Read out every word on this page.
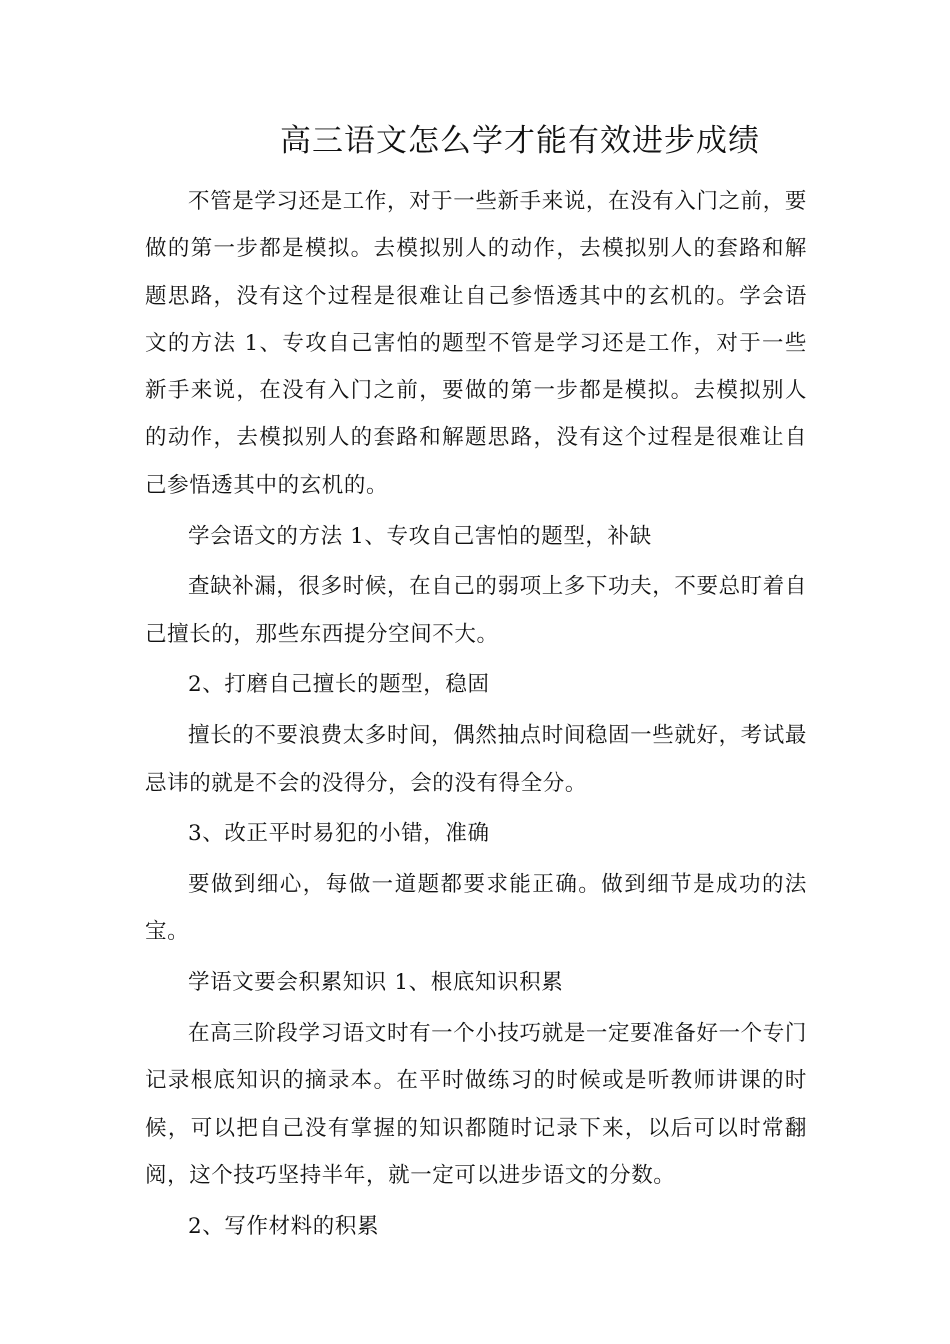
高三语文怎么学才能有效进步成绩

不管是学习还是工作，对于一些新手来说，在没有入门之前，要做的第一步都是模拟。去模拟别人的动作，去模拟别人的套路和解题思路，没有这个过程是很难让自己参悟透其中的玄机的。学会语文的方法 1、专攻自己害怕的题型不管是学习还是工作，对于一些新手来说，在没有入门之前，要做的第一步都是模拟。去模拟别人的动作，去模拟别人的套路和解题思路，没有这个过程是很难让自己参悟透其中的玄机的。

学会语文的方法 1、专攻自己害怕的题型，补缺

查缺补漏，很多时候，在自己的弱项上多下功夫，不要总盯着自己擅长的，那些东西提分空间不大。

2、打磨自己擅长的题型，稳固

擅长的不要浪费太多时间，偶然抽点时间稳固一些就好，考试最忌讳的就是不会的没得分，会的没有得全分。

3、改正平时易犯的小错，准确

要做到细心，每做一道题都要求能正确。做到细节是成功的法宝。

学语文要会积累知识 1、根底知识积累

在高三阶段学习语文时有一个小技巧就是一定要准备好一个专门记录根底知识的摘录本。在平时做练习的时候或是听教师讲课的时候，可以把自己没有掌握的知识都随时记录下来，以后可以时常翻阅，这个技巧坚持半年，就一定可以进步语文的分数。

2、写作材料的积累
